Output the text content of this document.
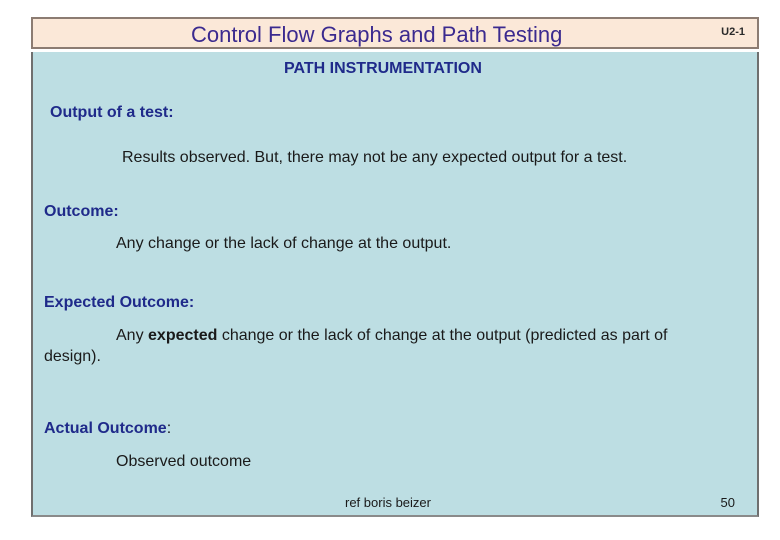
Control Flow Graphs and Path Testing	U2-1
PATH INSTRUMENTATION
Output of a test:
Results observed. But, there may not be any expected output for a test.
Outcome:
Any change or the lack of change at the output.
Expected Outcome:
Any expected change or the lack of change at the output (predicted as part of
design).
Actual Outcome:
Observed outcome
ref boris beizer	50
